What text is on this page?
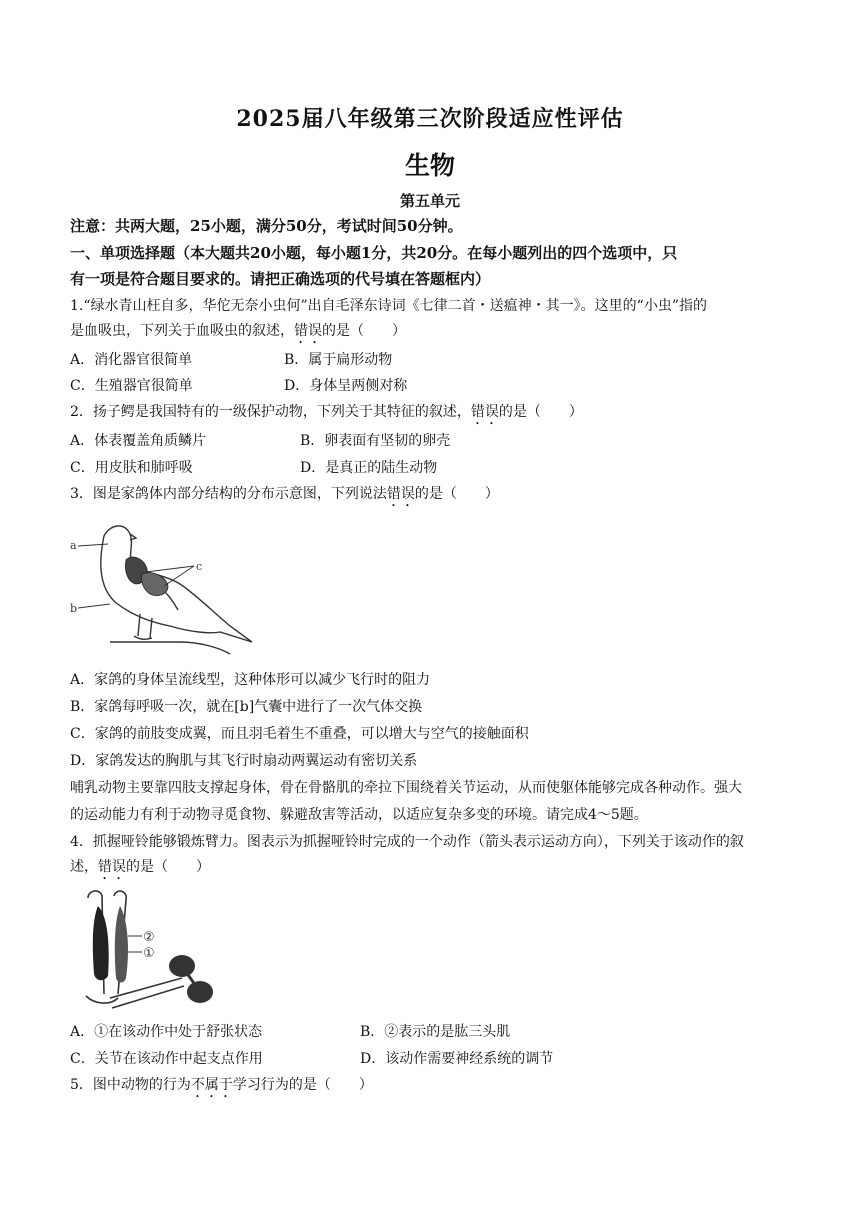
2025届八年级第三次阶段适应性评估
生物
第五单元
注意：共两大题，25小题，满分50分，考试时间50分钟。
一、单项选择题（本大题共20小题，每小题1分，共20分。在每小题列出的四个选项中，只
有一项是符合题目要求的。请把正确选项的代号填在答题框内）
1.“绿水青山枉自多，华佗无奈小虫何”出自毛泽东诗词《七律二首・送瘟神・其一》。这里的“小虫”指的
是血吸虫，下列关于血吸虫的叙述，错误的是（　　）
A．消化器官很简单	B．属于扁形动物
C．生殖器官很简单	D．身体呈两侧对称
2．扬子鳄是我国特有的一级保护动物，下列关于其特征的叙述，错误的是（　　）
A．体表覆盖角质鳞片	B．卵表面有坚韧的卵壳
C．用皮肤和肺呼吸	D．是真正的陆生动物
3．图是家鸽体内部分结构的分布示意图，下列说法错误的是（　　）
a
b
c
A．家鸽的身体呈流线型，这种体形可以减少飞行时的阻力
B．家鸽每呼吸一次，就在[b]气囊中进行了一次气体交换
C．家鸽的前肢变成翼，而且羽毛着生不重叠，可以增大与空气的接触面积
D．家鸽发达的胸肌与其飞行时扇动两翼运动有密切关系
哺乳动物主要靠四肢支撑起身体，骨在骨骼肌的牵拉下围绕着关节运动，从而使躯体能够完成各种动作。强大
的运动能力有利于动物寻觅食物、躲避敌害等活动，以适应复杂多变的环境。请完成4～5题。
4．抓握哑铃能够锻炼臂力。图表示为抓握哑铃时完成的一个动作（箭头表示运动方向），下列关于该动作的叙
述，错误的是（　　）
②
①
A．①在该动作中处于舒张状态	B．②表示的是肱三头肌
C．关节在该动作中起支点作用	D．该动作需要神经系统的调节
5．图中动物的行为不属于学习行为的是（　　）
